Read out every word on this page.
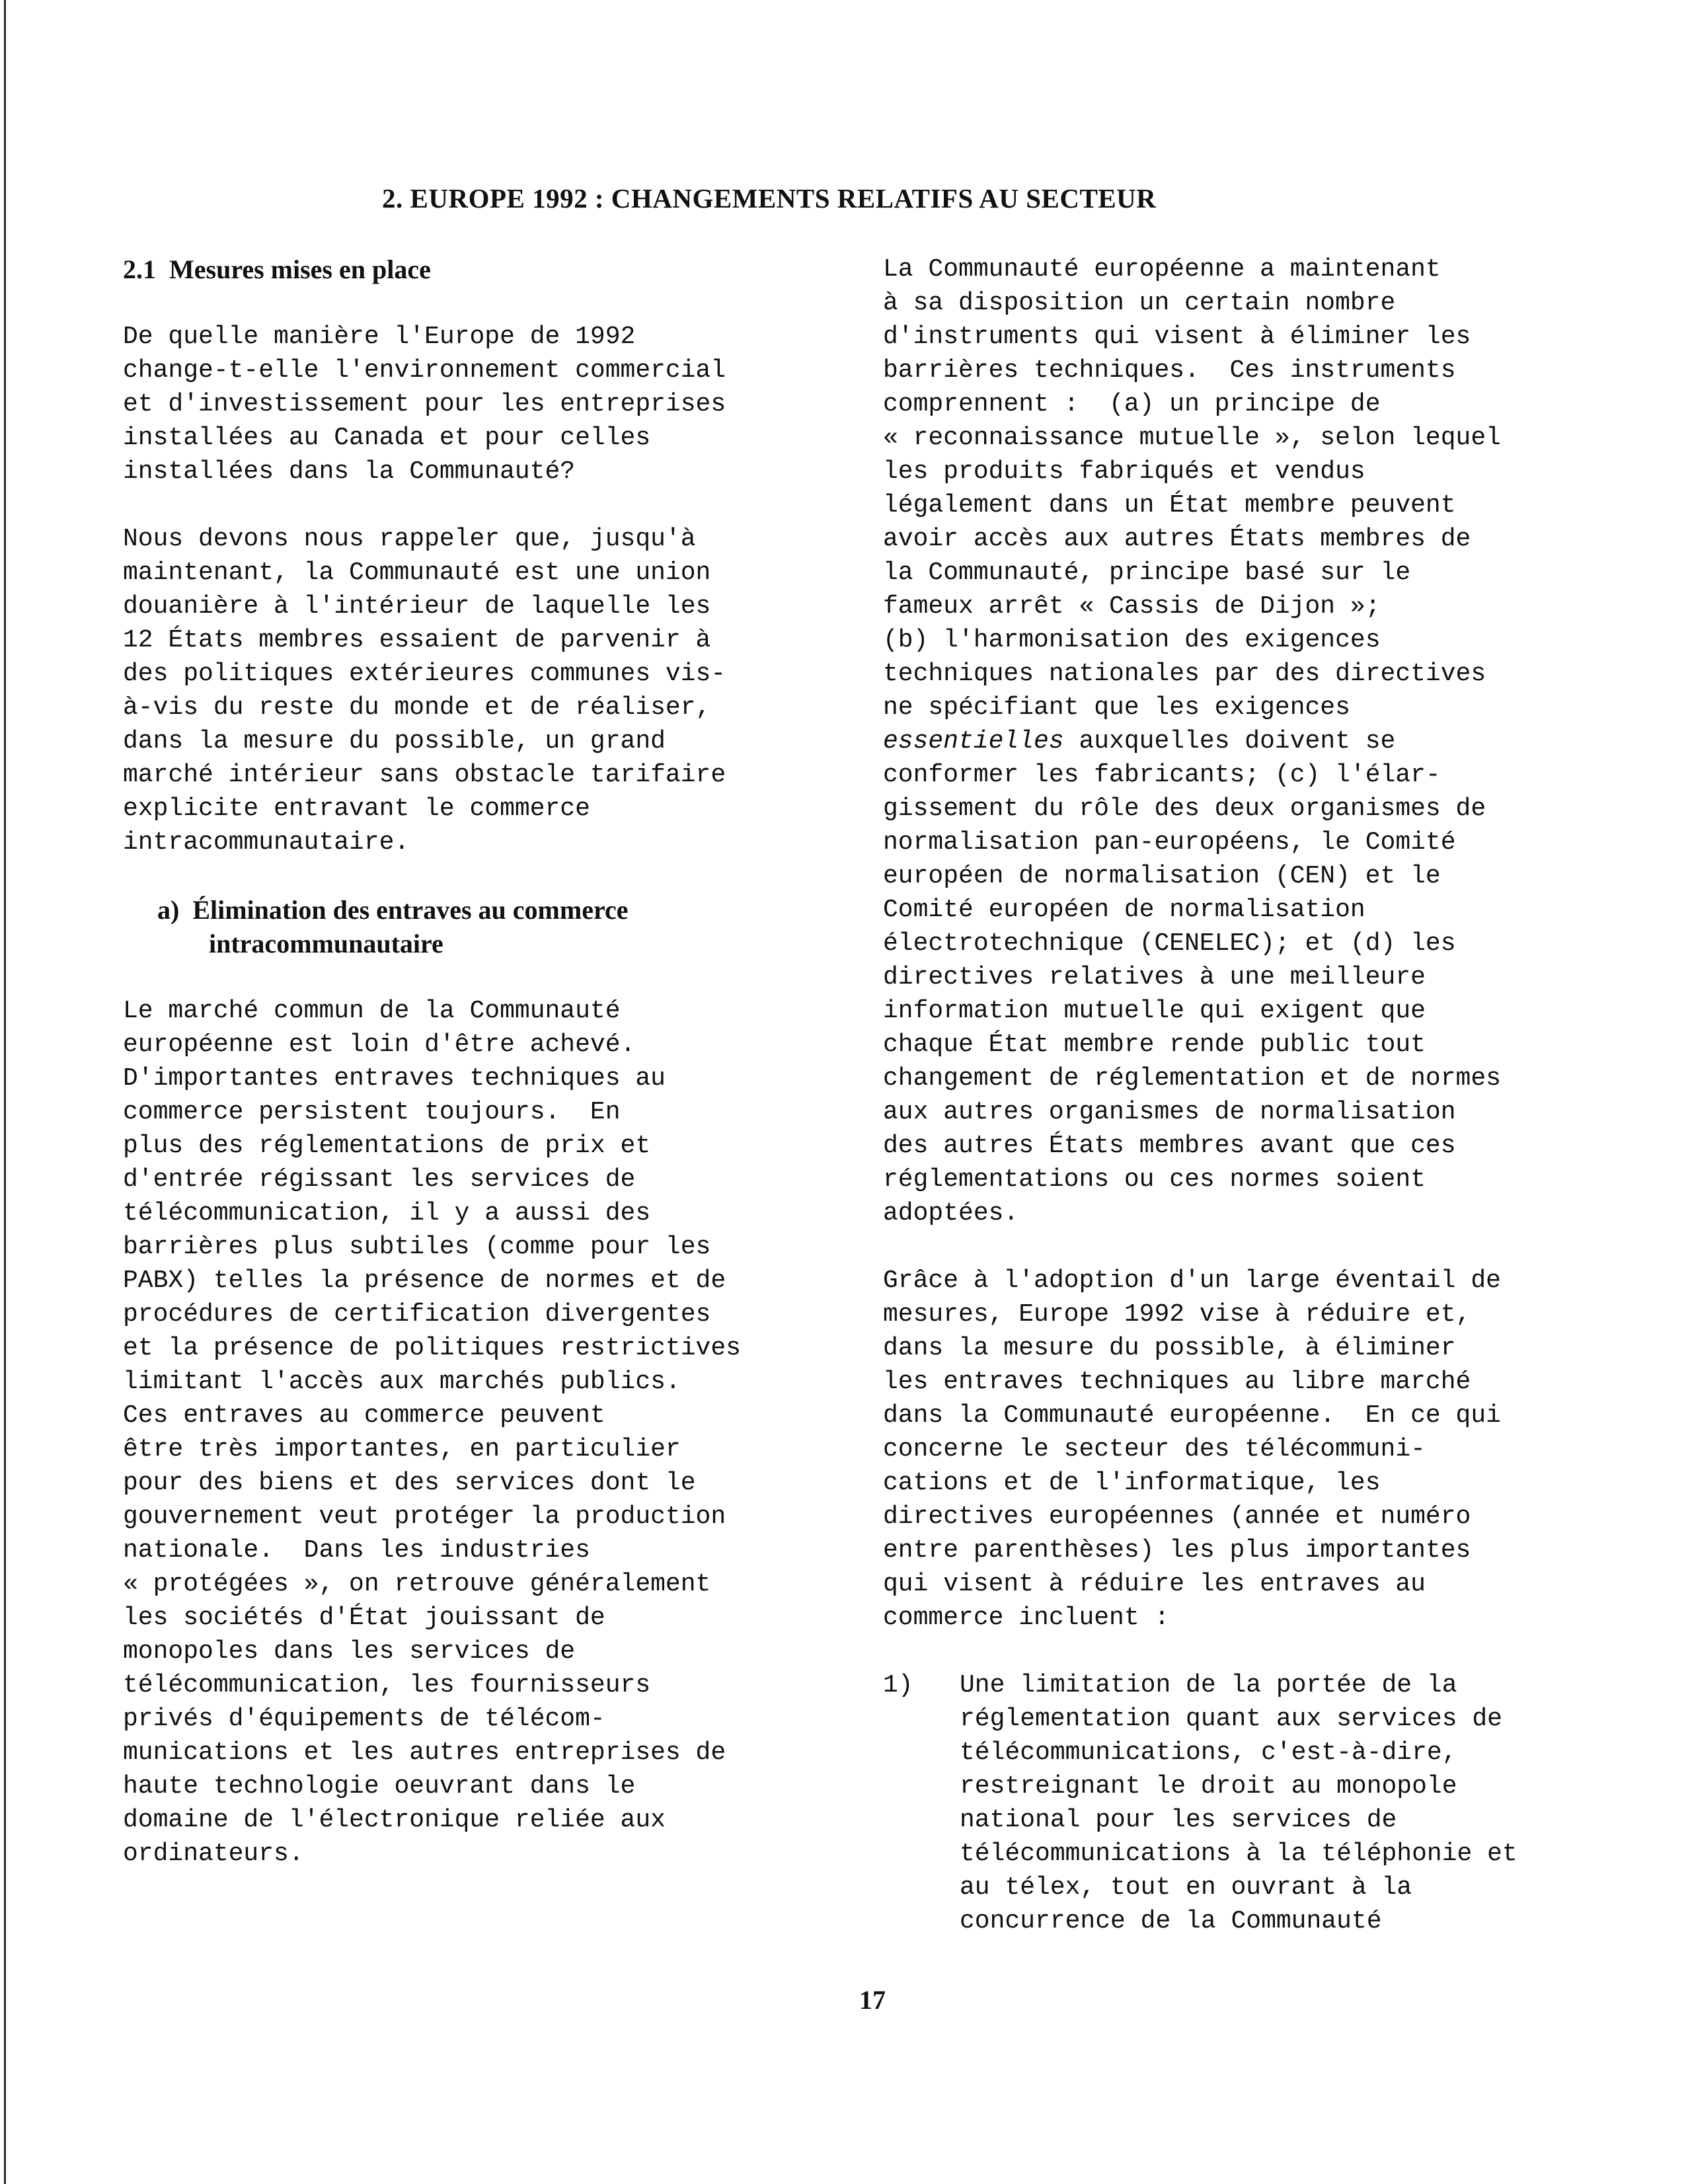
2. EUROPE 1992 : CHANGEMENTS RELATIFS AU SECTEUR
2.1  Mesures mises en place
De quelle manière l'Europe de 1992
change-t-elle l'environnement commercial
et d'investissement pour les entreprises
installées au Canada et pour celles
installées dans la Communauté?
Nous devons nous rappeler que, jusqu'à
maintenant, la Communauté est une union
douanière à l'intérieur de laquelle les
12 États membres essaient de parvenir à
des politiques extérieures communes vis-
à-vis du reste du monde et de réaliser,
dans la mesure du possible, un grand
marché intérieur sans obstacle tarifaire
explicite entravant le commerce
intracommunautaire.
a)  Élimination des entraves au commerce
intracommunautaire
Le marché commun de la Communauté
européenne est loin d'être achevé.
D'importantes entraves techniques au
commerce persistent toujours.  En
plus des réglementations de prix et
d'entrée régissant les services de
télécommunication, il y a aussi des
barrières plus subtiles (comme pour les
PABX) telles la présence de normes et de
procédures de certification divergentes
et la présence de politiques restrictives
limitant l'accès aux marchés publics.
Ces entraves au commerce peuvent
être très importantes, en particulier
pour des biens et des services dont le
gouvernement veut protéger la production
nationale.  Dans les industries
« protégées », on retrouve généralement
les sociétés d'État jouissant de
monopoles dans les services de
télécommunication, les fournisseurs
privés d'équipements de télécom-
munications et les autres entreprises de
haute technologie oeuvrant dans le
domaine de l'électronique reliée aux
ordinateurs.
La Communauté européenne a maintenant
à sa disposition un certain nombre
d'instruments qui visent à éliminer les
barrières techniques.  Ces instruments
comprennent :  (a) un principe de
« reconnaissance mutuelle », selon lequel
les produits fabriqués et vendus
légalement dans un État membre peuvent
avoir accès aux autres États membres de
la Communauté, principe basé sur le
fameux arrêt « Cassis de Dijon »;
(b) l'harmonisation des exigences
techniques nationales par des directives
ne spécifiant que les exigences
essentielles auxquelles doivent se
conformer les fabricants; (c) l'élar-
gissement du rôle des deux organismes de
normalisation pan-européens, le Comité
européen de normalisation (CEN) et le
Comité européen de normalisation
électrotechnique (CENELEC); et (d) les
directives relatives à une meilleure
information mutuelle qui exigent que
chaque État membre rende public tout
changement de réglementation et de normes
aux autres organismes de normalisation
des autres États membres avant que ces
réglementations ou ces normes soient
adoptées.
Grâce à l'adoption d'un large éventail de
mesures, Europe 1992 vise à réduire et,
dans la mesure du possible, à éliminer
les entraves techniques au libre marché
dans la Communauté européenne.  En ce qui
concerne le secteur des télécommuni-
cations et de l'informatique, les
directives européennes (année et numéro
entre parenthèses) les plus importantes
qui visent à réduire les entraves au
commerce incluent :
1) Une limitation de la portée de la
réglementation quant aux services de
télécommunications, c'est-à-dire,
restreignant le droit au monopole
national pour les services de
télécommunications à la téléphonie et
au télex, tout en ouvrant à la
concurrence de la Communauté
17
